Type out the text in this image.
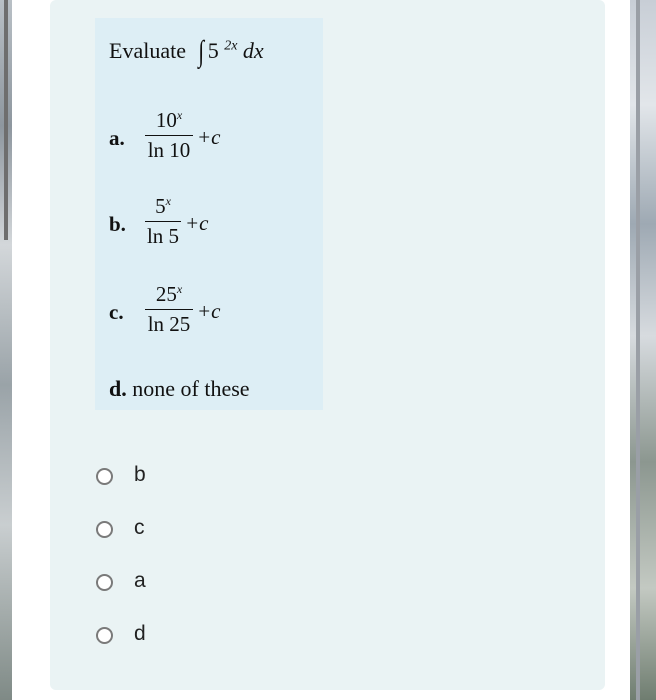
Evaluate ∫ 5 $^{2x}$ dx
a.
10$^x$
ln 10
+c
b.
5$^x$
ln 5
+c
c.
25$^x$
ln 25
+c
d. none of these
b
c
a
d
